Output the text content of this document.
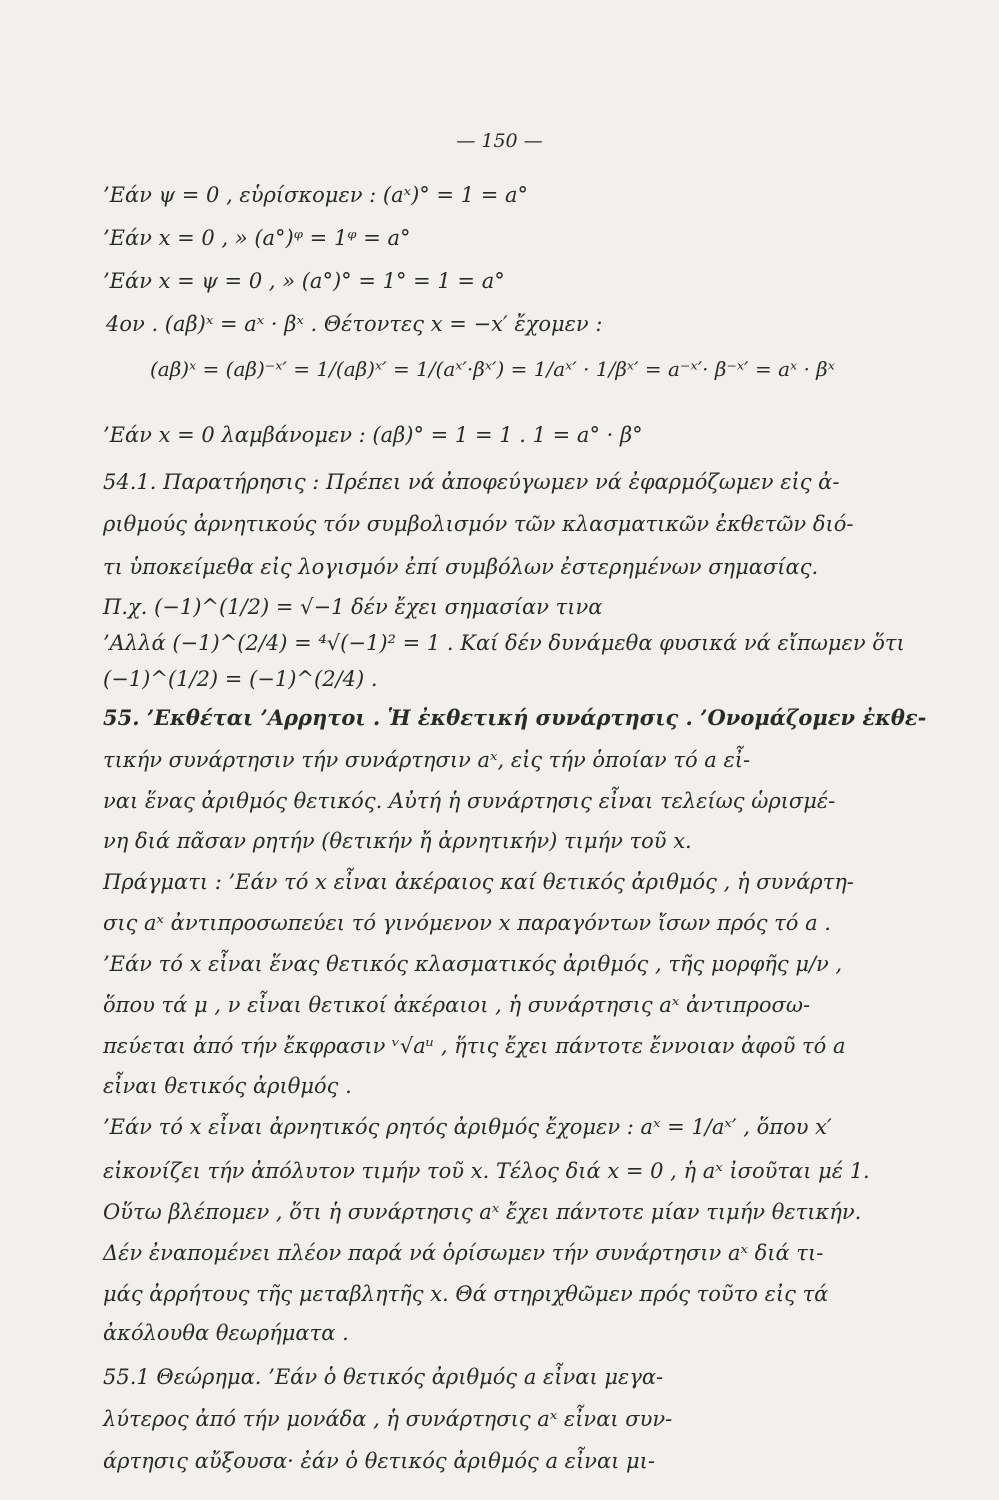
— 150 —
’Εάν ψ = 0 , εὑρίσκομεν : (aˣ)° = 1 = a°
’Εάν x = 0 , » (a°)ᵠ = 1ᵠ = a°
’Εάν x = ψ = 0 , » (a°)° = 1° = 1 = a°
4ον . (aβ)ˣ = aˣ · βˣ . Θέτοντες x = −x′ ἔχομεν :
(aβ)ˣ = (aβ)⁻ˣ′ = 1/(aβ)ˣ′ = 1/(aˣ′·βˣ′) = 1/aˣ′ · 1/βˣ′ = a⁻ˣ′· β⁻ˣ′ = aˣ · βˣ
’Εάν x = 0 λαμβάνομεν : (aβ)° = 1 = 1 . 1 = a° · β°
54.1. Παρατήρησις : Πρέπει νά ἀποφεύγωμεν νά ἐφαρμόζωμεν εἰς ἀ-
ριθμούς ἀρνητικούς τόν συμβολισμόν τῶν κλασματικῶν ἐκθετῶν διό-
τι ὑποκείμεθα εἰς λογισμόν ἐπί συμβόλων ἐστερημένων σημασίας.
Π.χ. (−1)^(1/2) = √−1 δέν ἔχει σημασίαν τινα
’Αλλά (−1)^(2/4) = ⁴√(−1)² = 1 . Καί δέν δυνάμεθα φυσικά νά εἴπωμεν ὅτι
(−1)^(1/2) = (−1)^(2/4) .
55. ’Εκθέται ’Αρρητοι . Ἡ ἐκθετική συνάρτησις . ’Ονομάζομεν ἐκθε-
τικήν συνάρτησιν τήν συνάρτησιν aˣ, εἰς τήν ὁποίαν τό a εἶ-
ναι ἕνας ἀριθμός θετικός. Αὐτή ἡ συνάρτησις εἶναι τελείως ὡρισμέ-
νη διά πᾶσαν ρητήν (θετικήν ἤ ἀρνητικήν) τιμήν τοῦ x.
Πράγματι : ’Εάν τό x εἶναι ἀκέραιος καί θετικός ἀριθμός , ἡ συνάρτη-
σις aˣ ἀντιπροσωπεύει τό γινόμενον x παραγόντων ἴσων πρός τό a .
’Εάν τό x εἶναι ἕνας θετικός κλασματικός ἀριθμός , τῆς μορφῆς μ/ν ,
ὅπου τά μ , ν εἶναι θετικοί ἀκέραιοι , ἡ συνάρτησις aˣ ἀντιπροσω-
πεύεται ἀπό τήν ἔκφρασιν ᵛ√aᵘ , ἥτις ἔχει πάντοτε ἔννοιαν ἀφοῦ τό a
εἶναι θετικός ἀριθμός .
’Εάν τό x εἶναι ἀρνητικός ρητός ἀριθμός ἔχομεν : aˣ = 1/aˣ′ , ὅπου x′
εἰκονίζει τήν ἀπόλυτον τιμήν τοῦ x. Τέλος διά x = 0 , ἡ aˣ ἰσοῦται μέ 1.
Οὕτω βλέπομεν , ὅτι ἡ συνάρτησις aˣ ἔχει πάντοτε μίαν τιμήν θετικήν.
Δέν ἐναπομένει πλέον παρά νά ὁρίσωμεν τήν συνάρτησιν aˣ διά τι-
μάς ἀρρήτους τῆς μεταβλητῆς x. Θά στηριχθῶμεν πρός τοῦτο εἰς τά
ἀκόλουθα θεωρήματα .
55.1 Θεώρημα. ’Εάν ὁ θετικός ἀριθμός a εἶναι μεγα-
λύτερος ἀπό τήν μονάδα , ἡ συνάρτησις aˣ εἶναι συν-
άρτησις αὔξουσα· ἐάν ὁ θετικός ἀριθμός a εἶναι μι-
